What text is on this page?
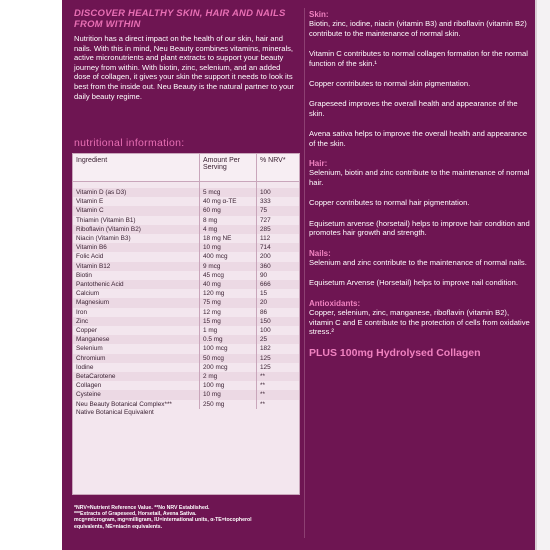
DISCOVER HEALTHY SKIN, HAIR AND NAILS FROM WITHIN
Nutrition has a direct impact on the health of our skin, hair and nails. With this in mind, Neu Beauty combines vitamins, minerals, active micronutrients and plant extracts to support your beauty journey from within. With biotin, zinc, selenium, and an added dose of collagen, it gives your skin the support it needs to look its best from the inside out. Neu Beauty is the natural partner to your daily beauty regime.
nutritional information:
Ingredient	Amount Per Serving	% NRV*

Vitamin D (as D3)	5 mcg	100
Vitamin E	40 mg α-TE	333
Vitamin C	60 mg	75
Thiamin (Vitamin B1)	8 mg	727
Riboflavin (Vitamin B2)	4 mg	285
Niacin (Vitamin B3)	18 mg NE	112
Vitamin B6	10 mg	714
Folic Acid	400 mcg	200
Vitamin B12	9 mcg	360
Biotin	45 mcg	90
Pantothenic Acid	40 mg	666
Calcium	120 mg	15
Magnesium	75 mg	20
Iron	12 mg	86
Zinc	15 mg	150
Copper	1 mg	100
Manganese	0.5 mg	25
Selenium	100 mcg	182
Chromium	50 mcg	125
Iodine	200 mcg	125
BetaCarotene	2 mg	**
Collagen	100 mg	**
Cysteine	10 mg	**
Neu Beauty Botanical Complex***	250 mg	**
Native Botanical Equivalent
*NRV=Nutrient Reference Value. **No NRV Established.
***Extracts of Grapeseed, Horsetail, Avena Sativa.
mcg=microgram, mg=milligram, IU=international units, α-TE=tocopherol
equivalents, NE=niacin equivalents.
Skin:

Biotin, zinc, iodine, niacin (vitamin B3) and riboflavin (vitamin B2) contribute to the maintenance of normal skin.

Vitamin C contributes to normal collagen formation for the normal function of the skin.¹

Copper contributes to normal skin pigmentation.

Grapeseed improves the overall health and appearance of the skin.

Avena sativa helps to improve the overall health and appearance of the skin.

Hair:

Selenium, biotin and zinc contribute to the maintenance of normal hair.

Copper contributes to normal hair pigmentation.

Equisetum arvense (horsetail) helps to improve hair condition and promotes hair growth and strength.

Nails:

Selenium and zinc contribute to the maintenance of normal nails.

Equisetum Arvense (Horsetail) helps to improve nail condition.

Antioxidants:

Copper, selenium, zinc, manganese, riboflavin (vitamin B2), vitamin C and E contribute to the protection of cells from oxidative stress.²

PLUS 100mg Hydrolysed Collagen
